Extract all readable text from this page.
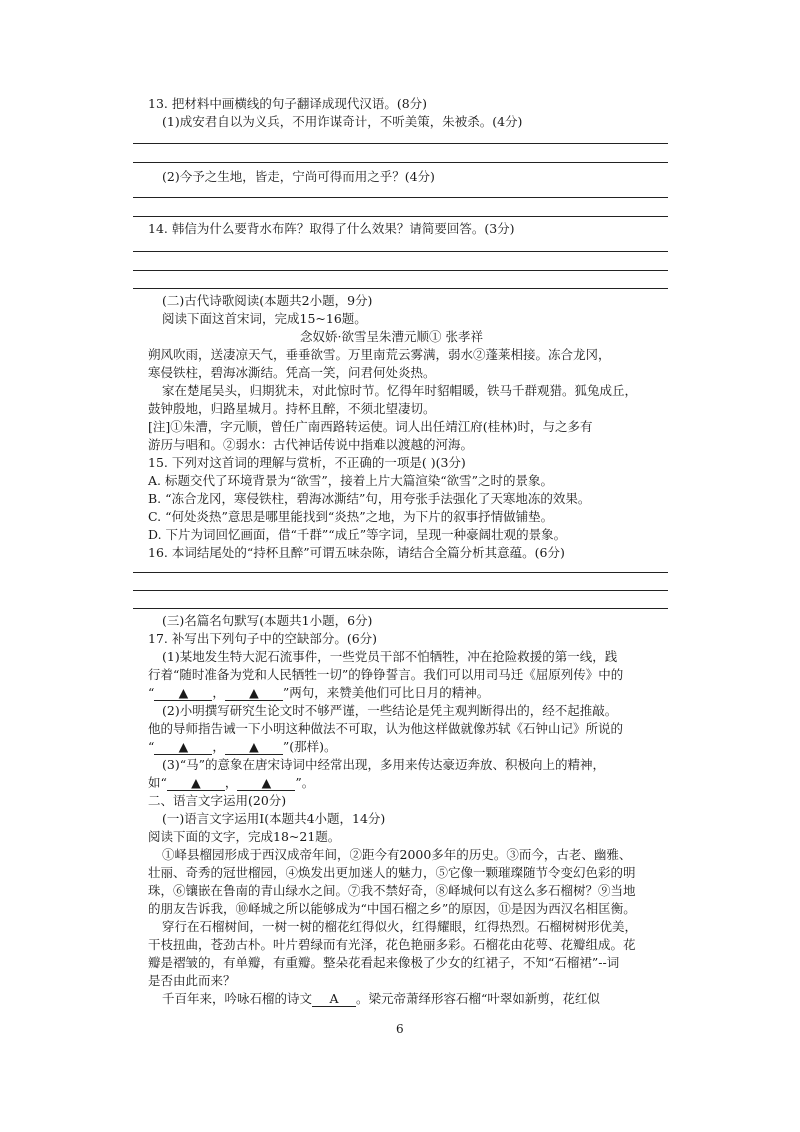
13. 把材料中画横线的句子翻译成现代汉语。(8分)
(1)成安君自以为义兵，不用诈谋奇计，不听美策，朱被杀。(4分)
(2)今予之生地，皆走，宁尚可得而用之乎？(4分)
14. 韩信为什么要背水布阵？取得了什么效果？请简要回答。(3分)
(二)古代诗歌阅读(本题共2小题，9分)
阅读下面这首宋词，完成15~16题。
念奴娇·欲雪呈朱漕元顺① 张孝祥
朔风吹雨，送凄凉天气，垂垂欲雪。万里南荒云雾满，弱水②蓬莱相接。冻合龙冈，
寒侵铁柱，碧海冰澌结。凭高一笑，问君何处炎热。
家在楚尾吴头，归期犹未，对此惊时节。忆得年时貂帽暖，铁马千群观猎。狐兔成丘，
鼓钟殷地，归路星城月。持杯且醉，不须北望凄切。
[注]①朱漕，字元顺，曾任广南西路转运使。词人出任靖江府(桂林)时，与之多有
游历与唱和。②弱水：古代神话传说中指难以渡越的河海。
15. 下列对这首词的理解与赏析，不正确的一项是( )(3分)
A. 标题交代了环境背景为“欲雪”，接着上片大篇渲染“欲雪”之时的景象。
B. “冻合龙冈，寒侵铁柱，碧海冰澌结”句，用夸张手法强化了天寒地冻的效果。
C. “何处炎热”意思是哪里能找到“炎热”之地，为下片的叙事抒情做铺垫。
D. 下片为词回忆画面，借“千群”“成丘”等字词，呈现一种豪阔壮观的景象。
16. 本词结尾处的“持杯且醉”可谓五味杂陈，请结合全篇分析其意蕴。(6分)
(三)名篇名句默写(本题共1小题，6分)
17. 补写出下列句子中的空缺部分。(6分)
(1)某地发生特大泥石流事件，一些党员干部不怕牺牲，冲在抢险救援的第一线，践
行着“随时准备为党和人民牺牲一切”的铮铮誓言。我们可以用司马迁《屈原列传》中的
“ ▲ ， ▲ ”两句，来赞美他们可比日月的精神。
(2)小明撰写研究生论文时不够严谨，一些结论是凭主观判断得出的，经不起推敲。
他的导师指告诫一下小明这种做法不可取，认为他这样做就像苏轼《石钟山记》所说的
“ ▲ ， ▲ ”(那样)。
(3)“马”的意象在唐宋诗词中经常出现，多用来传达豪迈奔放、积极向上的精神，
如“ ▲ ， ▲ ”。
二、语言文字运用(20分)
(一)语言文字运用Ⅰ(本题共4小题，14分)
阅读下面的文字，完成18~21题。
①峄县榴园形成于西汉成帝年间，②距今有2000多年的历史。③而今，古老、幽雅、
壮丽、奇秀的冠世榴园，④焕发出更加迷人的魅力，⑤它像一颗璀璨随节令变幻色彩的明
珠，⑥镶嵌在鲁南的青山绿水之间。⑦我不禁好奇，⑧峄城何以有这么多石榴树？⑨当地
的朋友告诉我，⑩峄城之所以能够成为“中国石榴之乡”的原因，⑪是因为西汉名相匡衡。
穿行在石榴树间，一树一树的榴花红得似火，红得耀眼，红得热烈。石榴树树形优美，
干枝扭曲，苍劲古朴。叶片碧绿而有光泽，花色艳丽多彩。石榴花由花萼、花瓣组成。花
瓣是褶皱的，有单瓣，有重瓣。整朵花看起来像极了少女的红裙子，不知“石榴裙”--词
是否由此而来？
千百年来，吟咏石榴的诗文 A 。梁元帝萧绎形容石榴“叶翠如新剪，花红似
6
